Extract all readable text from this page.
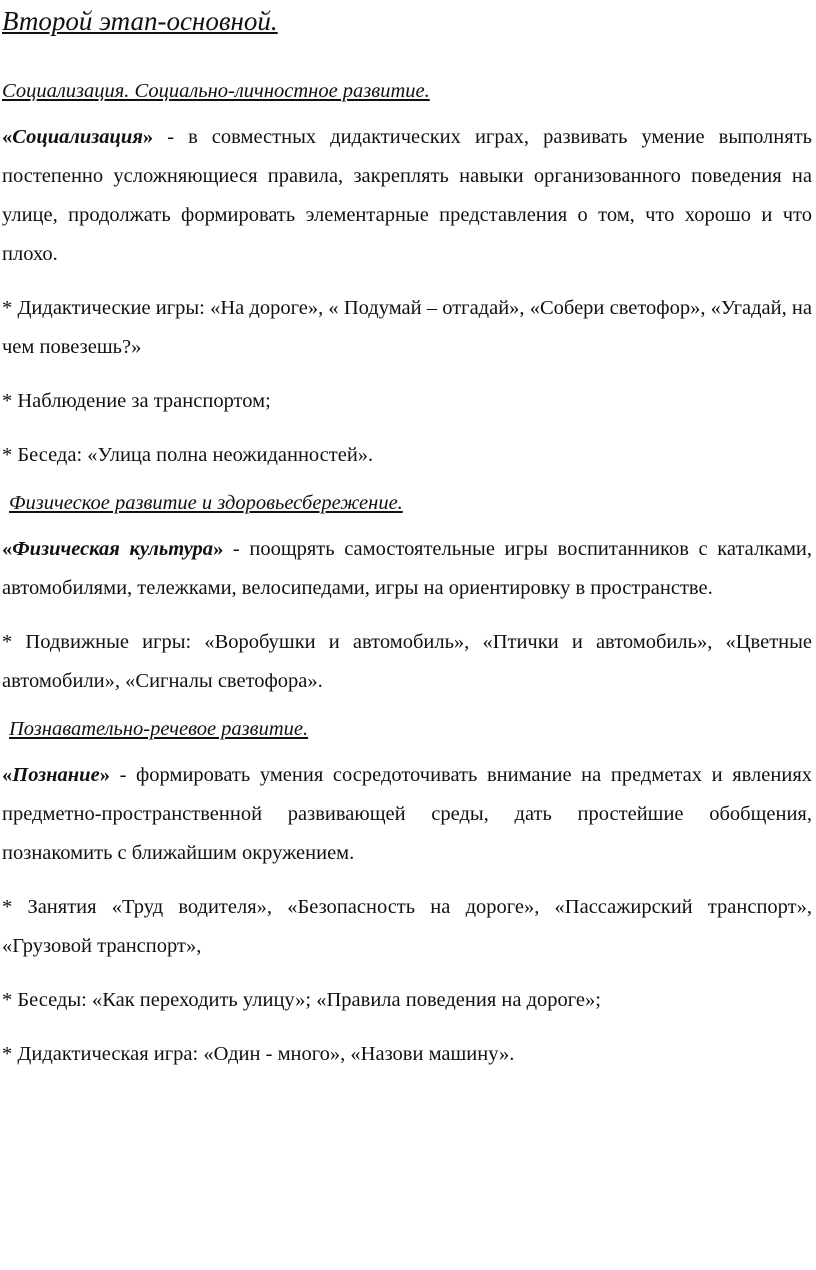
Второй этап-основной.
Социализация. Социально-личностное развитие.

«Социализация» - в совместных дидактических играх, развивать умение выполнять постепенно усложняющиеся правила, закреплять навыки организованного поведения на улице, продолжать формировать элементарные представления о том, что хорошо и что плохо.

* Дидактические игры: «На дороге», « Подумай – отгадай», «Собери светофор», «Угадай, на чем повезешь?»

* Наблюдение за транспортом;

* Беседа: «Улица полна неожиданностей».

Физическое развитие и здоровьесбережение.

«Физическая культура» - поощрять самостоятельные игры воспитанников с каталками, автомобилями, тележками, велосипедами, игры на ориентировку в пространстве.

* Подвижные игры: «Воробушки и автомобиль», «Птички и автомобиль», «Цветные автомобили», «Сигналы светофора».

Познавательно-речевое развитие.

«Познание» - формировать умения сосредоточивать внимание на предметах и явлениях предметно-пространственной развивающей среды, дать простейшие обобщения, познакомить с ближайшим окружением.

* Занятия «Труд водителя», «Безопасность на дороге», «Пассажирский транспорт», «Грузовой транспорт»,

* Беседы: «Как переходить улицу»; «Правила поведения на дороге»;

* Дидактическая игра: «Один - много», «Назови машину».
